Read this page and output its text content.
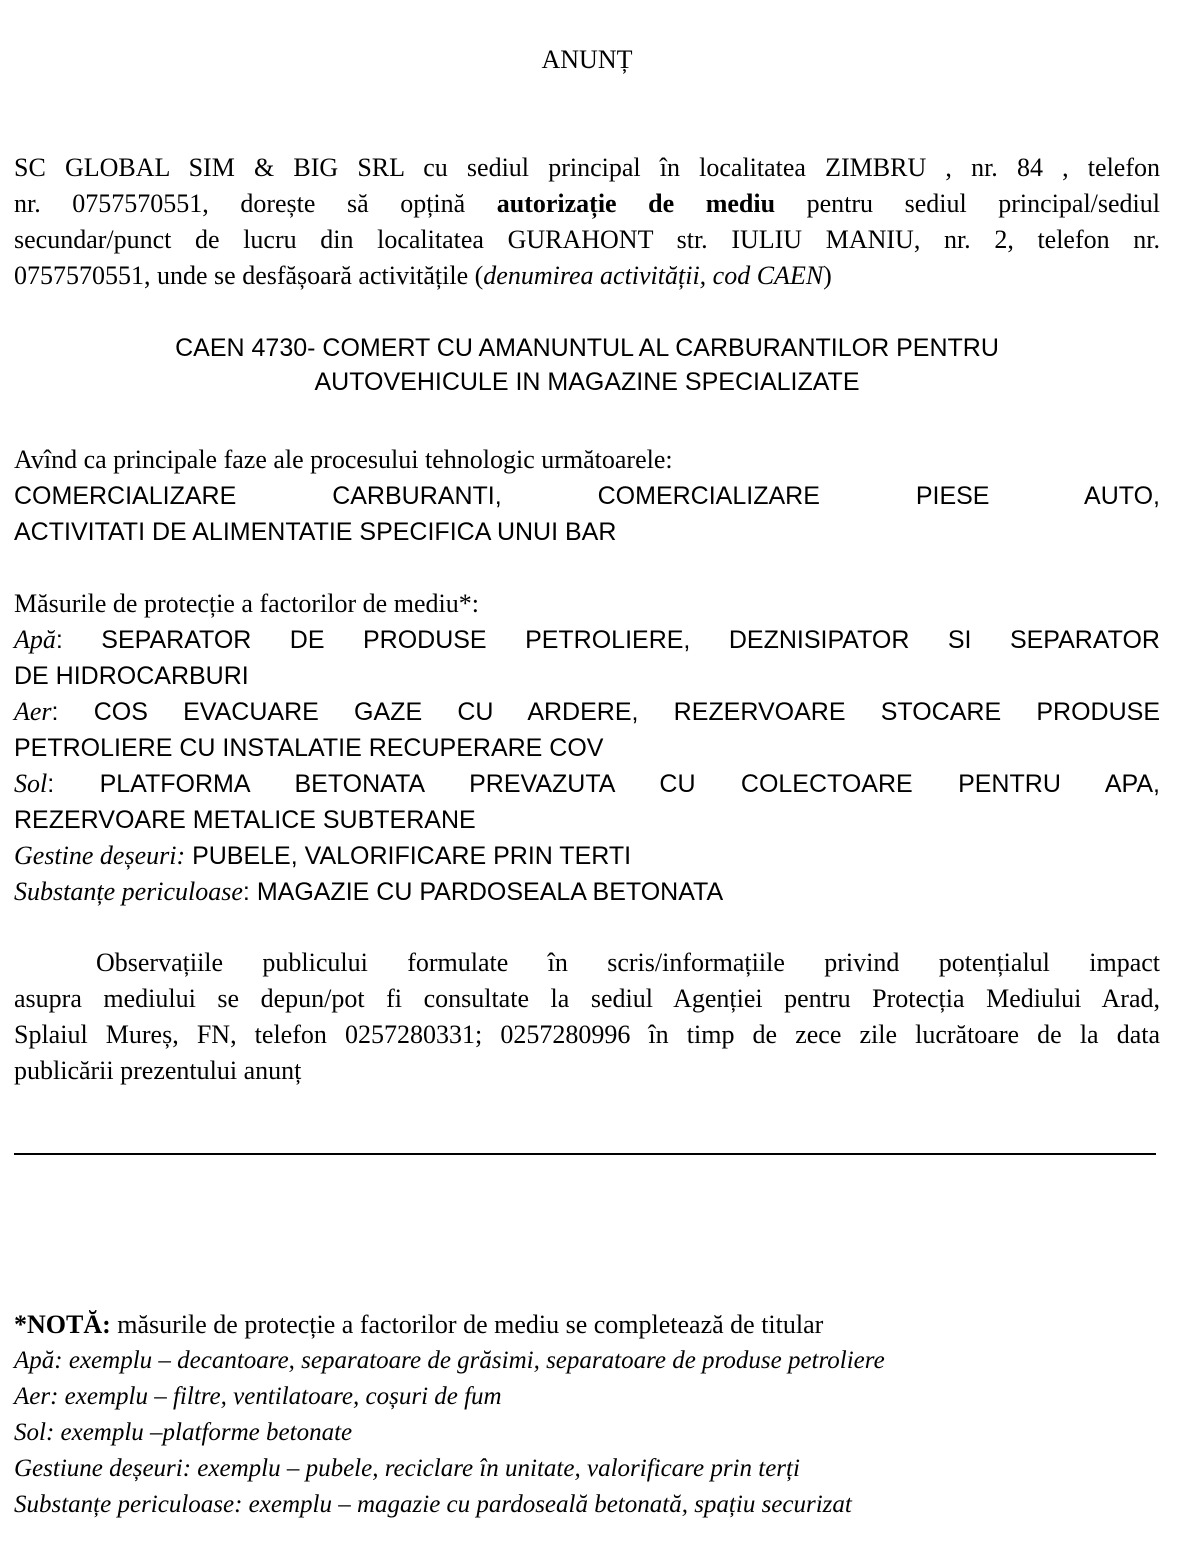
ANUNȚ
SC GLOBAL SIM & BIG SRL cu sediul principal în localitatea ZIMBRU , nr. 84 , telefon
nr. 0757570551, dorește să opțină autorizație de mediu pentru sediul principal/sediul
secundar/punct de lucru din localitatea GURAHONT str. IULIU MANIU, nr. 2, telefon nr.
0757570551, unde se desfășoară activitățile (denumirea activității, cod CAEN)
CAEN 4730- COMERT CU AMANUNTUL AL CARBURANTILOR PENTRU
AUTOVEHICULE IN MAGAZINE SPECIALIZATE
Avînd ca principale faze ale procesului tehnologic următoarele:
COMERCIALIZARE CARBURANTI, COMERCIALIZARE PIESE AUTO,
ACTIVITATI DE ALIMENTATIE SPECIFICA UNUI BAR
Măsurile de protecție a factorilor de mediu*:
Apă: SEPARATOR DE PRODUSE PETROLIERE, DEZNISIPATOR SI SEPARATOR
DE HIDROCARBURI
Aer: COS EVACUARE GAZE CU ARDERE, REZERVOARE STOCARE PRODUSE
PETROLIERE CU INSTALATIE RECUPERARE COV
Sol: PLATFORMA BETONATA PREVAZUTA CU COLECTOARE PENTRU APA,
REZERVOARE METALICE SUBTERANE
Gestine deșeuri: PUBELE, VALORIFICARE PRIN TERTI
Substanțe periculoase: MAGAZIE CU PARDOSEALA BETONATA
Observațiile publicului formulate în scris/informațiile privind potențialul impact
asupra mediului se depun/pot fi consultate la sediul Agenției pentru Protecția Mediului Arad,
Splaiul Mureș, FN, telefon 0257280331; 0257280996 în timp de zece zile lucrătoare de la data
publicării prezentului anunț
*NOTĂ: măsurile de protecție a factorilor de mediu se completează de titular
Apă: exemplu – decantoare, separatoare de grăsimi, separatoare de produse petroliere
Aer: exemplu – filtre, ventilatoare, coșuri de fum
Sol: exemplu –platforme betonate
Gestiune deșeuri: exemplu – pubele, reciclare în unitate, valorificare prin terți
Substanțe periculoase: exemplu – magazie cu pardoseală betonată, spațiu securizat
